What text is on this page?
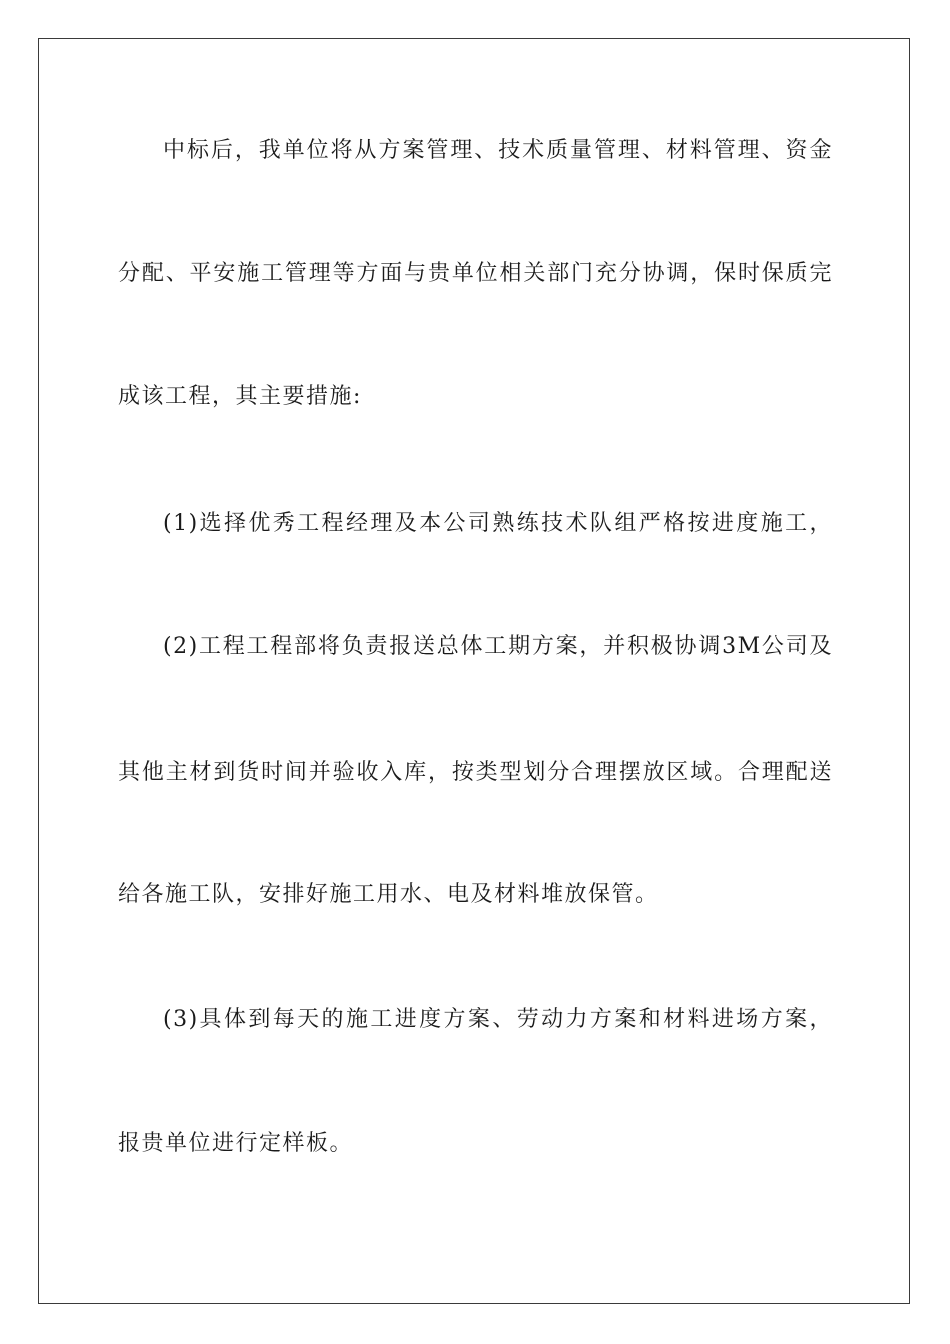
中标后，我单位将从方案管理、技术质量管理、材料管理、资金
分配、平安施工管理等方面与贵单位相关部门充分协调，保时保质完
成该工程，其主要措施:
(1)选择优秀工程经理及本公司熟练技术队组严格按进度施工，
(2)工程工程部将负责报送总体工期方案，并积极协调3M公司及
其他主材到货时间并验收入库，按类型划分合理摆放区域。合理配送
给各施工队，安排好施工用水、电及材料堆放保管。
(3)具体到每天的施工进度方案、劳动力方案和材料进场方案，
报贵单位进行定样板。
